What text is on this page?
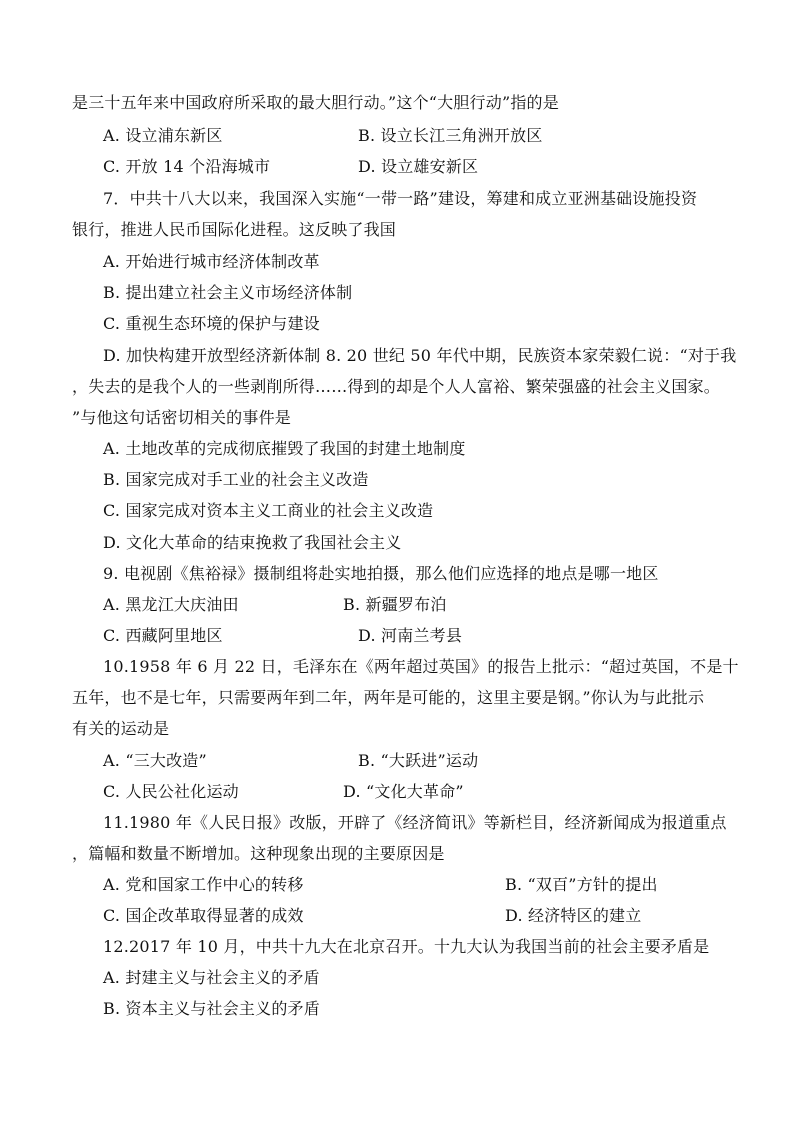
是三十五年来中国政府所采取的最大胆行动。”这个“大胆行动”指的是
A. 设立浦东新区	B. 设立长江三角洲开放区
C. 开放 14 个沿海城市	D. 设立雄安新区
7．中共十八大以来，我国深入实施“一带一路”建设，筹建和成立亚洲基础设施投资
银行，推进人民币国际化进程。这反映了我国
A. 开始进行城市经济体制改革
B. 提出建立社会主义市场经济体制
C. 重视生态环境的保护与建设
D. 加快构建开放型经济新体制 8. 20 世纪 50 年代中期，民族资本家荣毅仁说：“对于我
，失去的是我个人的一些剥削所得……得到的却是个人人富裕、繁荣强盛的社会主义国家。
”与他这句话密切相关的事件是
A. 土地改革的完成彻底摧毁了我国的封建土地制度
B. 国家完成对手工业的社会主义改造
C. 国家完成对资本主义工商业的社会主义改造
D. 文化大革命的结束挽救了我国社会主义
9. 电视剧《焦裕禄》摄制组将赴实地拍摄，那么他们应选择的地点是哪一地区
A. 黑龙江大庆油田	B. 新疆罗布泊
C. 西藏阿里地区	D. 河南兰考县
10.1958 年 6 月 22 日，毛泽东在《两年超过英国》的报告上批示：“超过英国，不是十
五年，也不是七年，只需要两年到二年，两年是可能的，这里主要是钢。”你认为与此批示
有关的运动是
A. “三大改造”	B. “大跃进”运动
C. 人民公社化运动	D. “文化大革命”
11.1980 年《人民日报》改版，开辟了《经济简讯》等新栏目，经济新闻成为报道重点
，篇幅和数量不断增加。这种现象出现的主要原因是
A. 党和国家工作中心的转移	B. “双百”方针的提出
C. 国企改革取得显著的成效	D. 经济特区的建立
12.2017 年 10 月，中共十九大在北京召开。十九大认为我国当前的社会主要矛盾是
A. 封建主义与社会主义的矛盾
B. 资本主义与社会主义的矛盾
